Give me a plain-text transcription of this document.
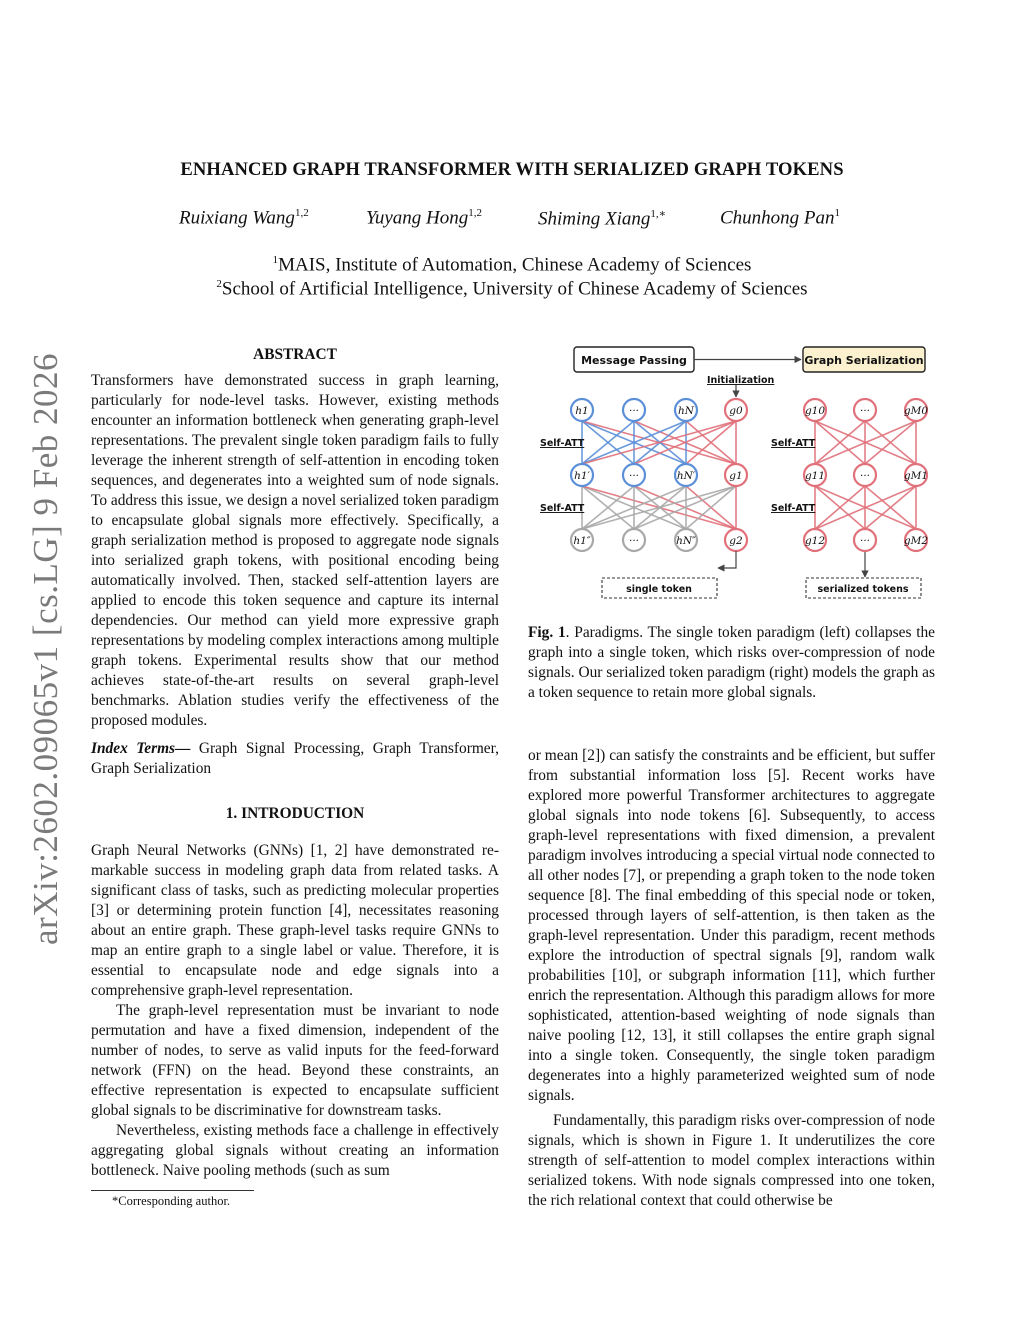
arXiv:2602.09065v1 [cs.LG] 9 Feb 2026
ENHANCED GRAPH TRANSFORMER WITH SERIALIZED GRAPH TOKENS
Ruixiang Wang$^{1,2}$	Yuyang Hong$^{1,2}$	Shiming Xiang$^{1,∗}$	Chunhong Pan$^1$
$^1$MAIS, Institute of Automation, Chinese Academy of Sciences
$^2$School of Artificial Intelligence, University of Chinese Academy of Sciences
ABSTRACT

Transformers have demonstrated success in graph learning, particularly for node-level tasks. However, existing methods encounter an information bottleneck when generating graph-level representations. The prevalent single token paradigm fails to fully leverage the inherent strength of self-attention in encoding token sequences, and degenerates into a weighted sum of node signals. To address this issue, we design a novel serialized token paradigm to encapsulate global signals more effectively. Specifically, a graph serialization method is proposed to aggregate node signals into serialized graph tokens, with positional encoding being automatically involved. Then, stacked self-attention layers are applied to encode this token sequence and capture its internal dependencies. Our method can yield more expressive graph representations by modeling complex interactions among multiple graph tokens. Experimental results show that our method achieves state-of-the-art results on several graph-level benchmarks. Ablation studies verify the effectiveness of the proposed modules.

Index Terms— Graph Signal Processing, Graph Transformer, Graph Serialization

1. INTRODUCTION

Graph Neural Networks (GNNs) [1, 2] have demonstrated remarkable success in modeling graph data from related tasks. A significant class of tasks, such as predicting molecular properties [3] or determining protein function [4], necessitates reasoning about an entire graph. These graph-level tasks require GNNs to map an entire graph to a single label or value. Therefore, it is essential to encapsulate node and edge signals into a comprehensive graph-level representation.

The graph-level representation must be invariant to node permutation and have a fixed dimension, independent of the number of nodes, to serve as valid inputs for the feed-forward network (FFN) on the head. Beyond these constraints, an effective representation is expected to encapsulate sufficient global signals to be discriminative for downstream tasks.

Nevertheless, existing methods face a challenge in effectively aggregating global signals without creating an information bottleneck. Naive pooling methods (such as sum

*Corresponding author.
Message Passing	Graph Serialization
Initialization
Self-ATT
Self-ATT
Self-ATT
Self-ATT
h1	···	hN	g0
h1′	···	hN′	g1
h1″	···	hN″	g2
g10	···	gM0
g11	···	gM1
g12	···	gM2
single token	serialized tokens

Fig. 1. Paradigms. The single token paradigm (left) collapses the graph into a single token, which risks over-compression of node signals. Our serialized token paradigm (right) models the graph as a token sequence to retain more global signals.

or mean [2]) can satisfy the constraints and be efficient, but suffer from substantial information loss [5]. Recent works have explored more powerful Transformer architectures to aggregate global signals into node tokens [6]. Subsequently, to access graph-level representations with fixed dimension, a prevalent paradigm involves introducing a special virtual node connected to all other nodes [7], or prepending a graph token to the node token sequence [8]. The final embedding of this special node or token, processed through layers of self-attention, is then taken as the graph-level representation. Under this paradigm, recent methods explore the introduction of spectral signals [9], random walk probabilities [10], or subgraph information [11], which further enrich the representation. Although this paradigm allows for more sophisticated, attention-based weighting of node signals than naive pooling [12, 13], it still collapses the entire graph signal into a single token. Consequently, the single token paradigm degenerates into a highly parameterized weighted sum of node signals.

Fundamentally, this paradigm risks over-compression of node signals, which is shown in Figure 1. It underutilizes the core strength of self-attention to model complex interactions within serialized tokens. With node signals compressed into one token, the rich relational context that could otherwise be
